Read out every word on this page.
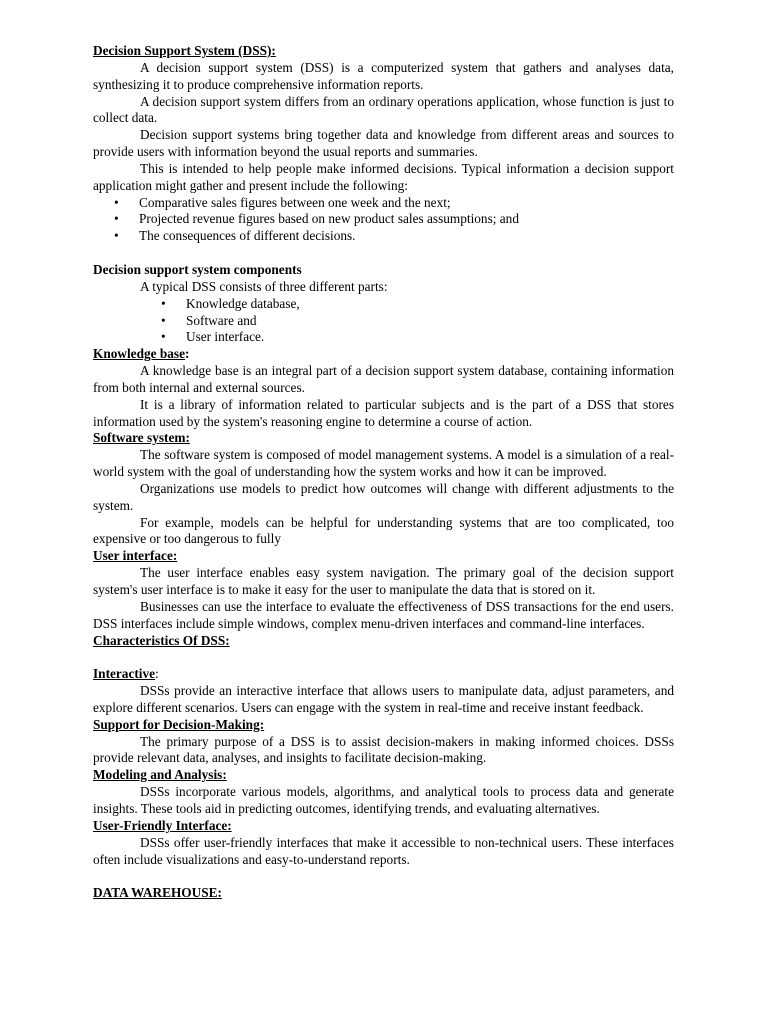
Decision Support System (DSS):

A decision support system (DSS) is a computerized system that gathers and analyses data, synthesizing it to produce comprehensive information reports.

A decision support system differs from an ordinary operations application, whose function is just to collect data.

Decision support systems bring together data and knowledge from different areas and sources to provide users with information beyond the usual reports and summaries.

This is intended to help people make informed decisions. Typical information a decision support application might gather and present include the following:

• Comparative sales figures between one week and the next;
• Projected revenue figures based on new product sales assumptions; and
• The consequences of different decisions.
Decision support system components
A typical DSS consists of three different parts:
• Knowledge database,
• Software and
• User interface.
Knowledge base:

A knowledge base is an integral part of a decision support system database, containing information from both internal and external sources.

It is a library of information related to particular subjects and is the part of a DSS that stores information used by the system's reasoning engine to determine a course of action.

Software system:

The software system is composed of model management systems. A model is a simulation of a real-world system with the goal of understanding how the system works and how it can be improved.

Organizations use models to predict how outcomes will change with different adjustments to the system.

For example, models can be helpful for understanding systems that are too complicated, too expensive or too dangerous to fully

User interface:

The user interface enables easy system navigation. The primary goal of the decision support system's user interface is to make it easy for the user to manipulate the data that is stored on it.

Businesses can use the interface to evaluate the effectiveness of DSS transactions for the end users. DSS interfaces include simple windows, complex menu-driven interfaces and command-line interfaces.

Characteristics Of DSS:
Interactive:

DSSs provide an interactive interface that allows users to manipulate data, adjust parameters, and explore different scenarios. Users can engage with the system in real-time and receive instant feedback.

Support for Decision-Making:

The primary purpose of a DSS is to assist decision-makers in making informed choices. DSSs provide relevant data, analyses, and insights to facilitate decision-making.

Modeling and Analysis:

DSSs incorporate various models, algorithms, and analytical tools to process data and generate insights. These tools aid in predicting outcomes, identifying trends, and evaluating alternatives.

User-Friendly Interface:

DSSs offer user-friendly interfaces that make it accessible to non-technical users. These interfaces often include visualizations and easy-to-understand reports.

DATA WAREHOUSE:
